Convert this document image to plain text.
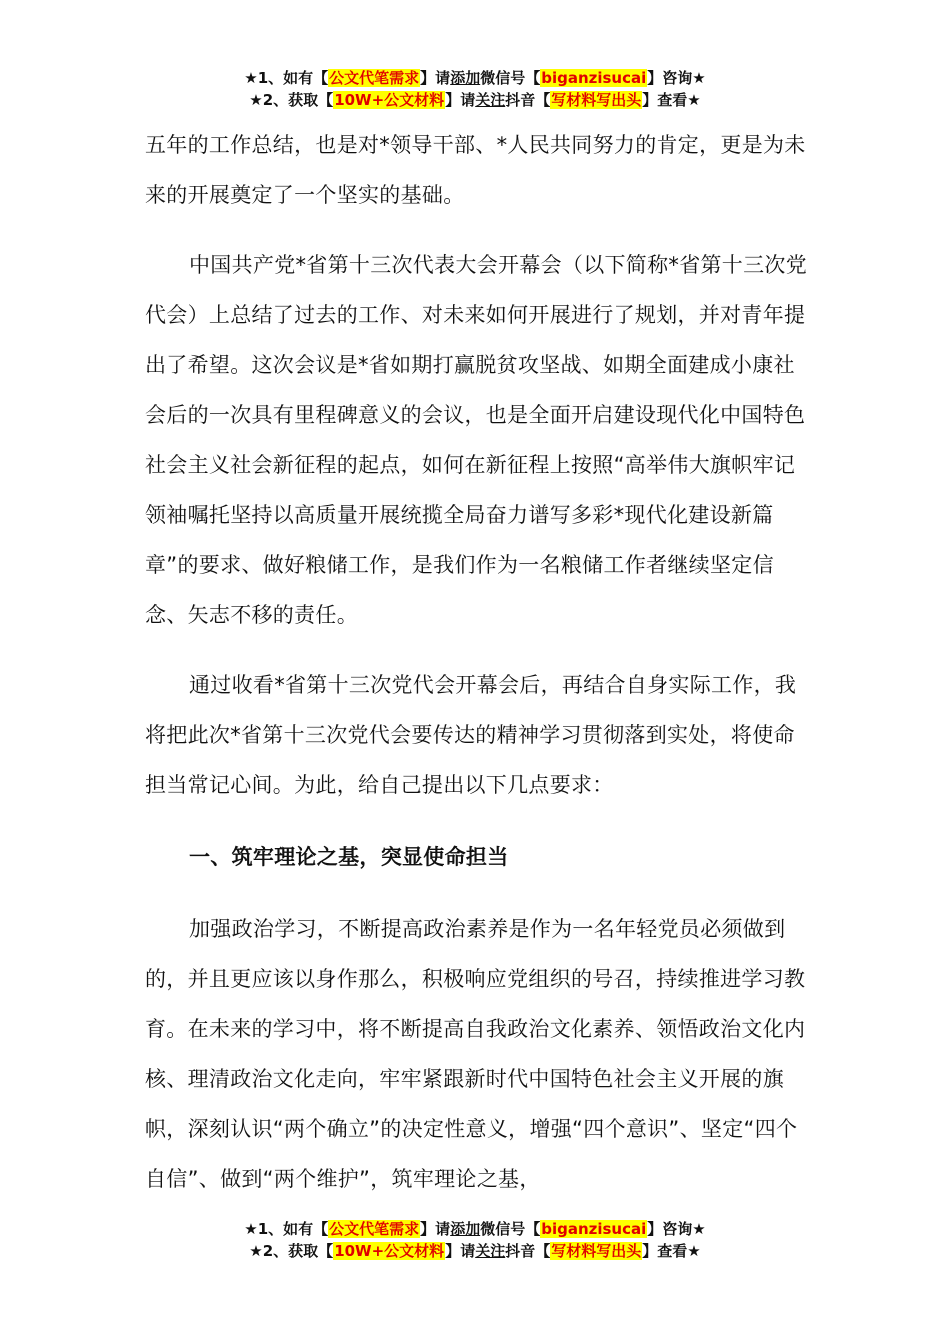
★1、如有【公文代笔需求】请添加微信号【biganzisucai】咨询★
★2、获取【10W+公文材料】请关注抖音【写材料写出头】查看★

五年的工作总结，也是对*领导干部、*人民共同努力的肯定，更是为未来的开展奠定了一个坚实的基础。

中国共产党*省第十三次代表大会开幕会（以下简称*省第十三次党代会）上总结了过去的工作、对未来如何开展进行了规划，并对青年提出了希望。这次会议是*省如期打赢脱贫攻坚战、如期全面建成小康社会后的一次具有里程碑意义的会议，也是全面开启建设现代化中国特色社会主义社会新征程的起点，如何在新征程上按照“高举伟大旗帜牢记领袖嘱托坚持以高质量开展统揽全局奋力谱写多彩*现代化建设新篇章”的要求、做好粮储工作，是我们作为一名粮储工作者继续坚定信念、矢志不移的责任。

通过收看*省第十三次党代会开幕会后，再结合自身实际工作，我将把此次*省第十三次党代会要传达的精神学习贯彻落到实处，将使命担当常记心间。为此，给自己提出以下几点要求：

一、筑牢理论之基，突显使命担当

加强政治学习，不断提高政治素养是作为一名年轻党员必须做到的，并且更应该以身作那么，积极响应党组织的号召，持续推进学习教育。在未来的学习中，将不断提高自我政治文化素养、领悟政治文化内核、理清政治文化走向，牢牢紧跟新时代中国特色社会主义开展的旗帜，深刻认识“两个确立”的决定性意义，增强“四个意识”、坚定“四个自信”、做到“两个维护”，筑牢理论之基，

★1、如有【公文代笔需求】请添加微信号【biganzisucai】咨询★
★2、获取【10W+公文材料】请关注抖音【写材料写出头】查看★
